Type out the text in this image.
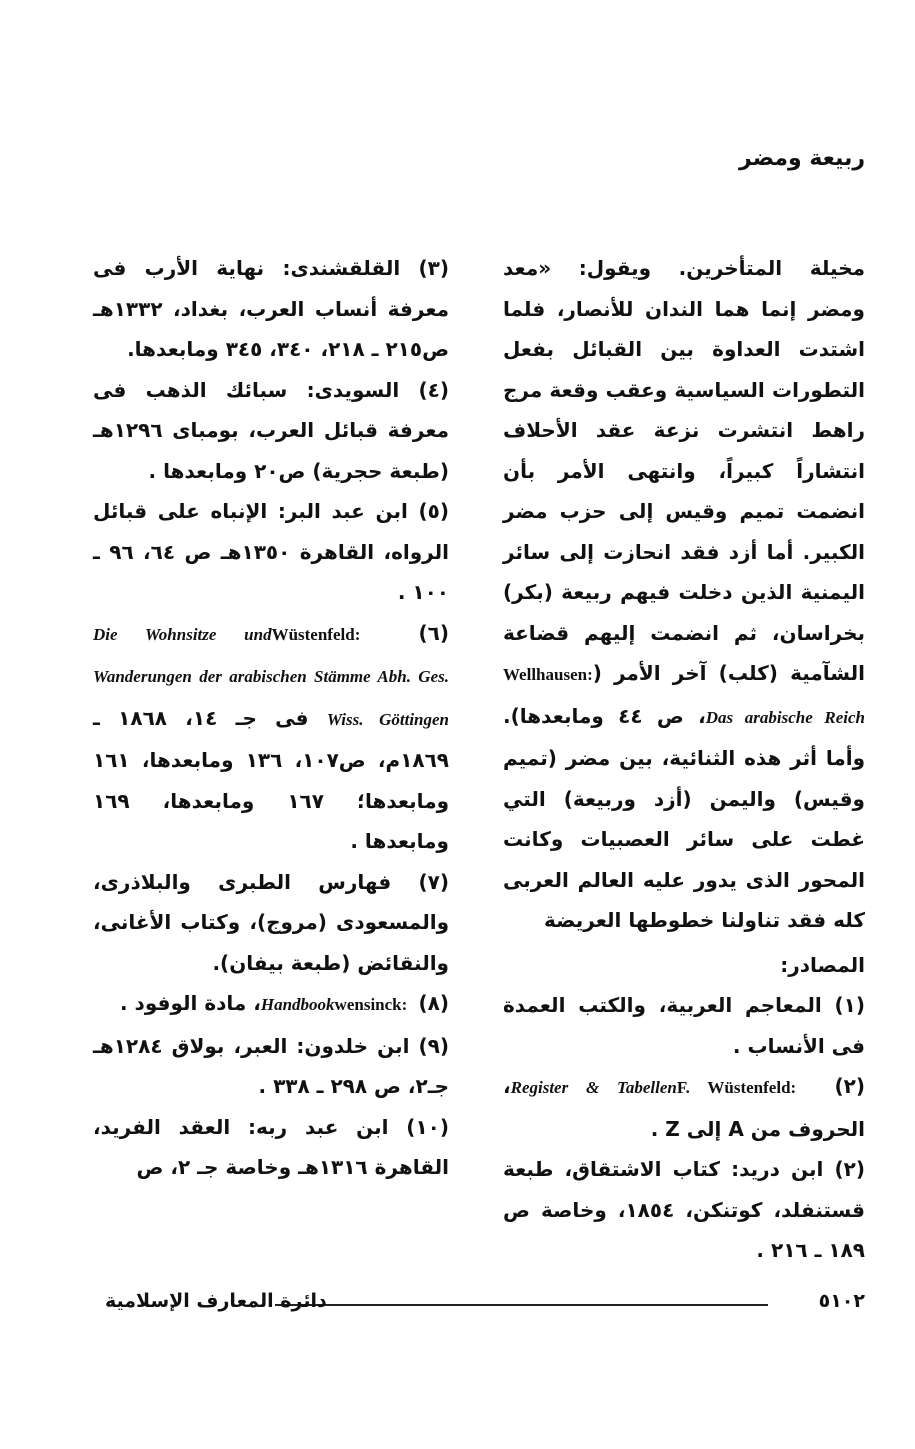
ربيعة ومضر

مخيلة المتأخرين. ويقول: «معد ومضر إنما هما الندان للأنصار، فلما اشتدت العداوة بين القبائل بفعل التطورات السياسية وعقب وقعة مرج راهط انتشرت نزعة عقد الأحلاف انتشاراً كبيراً، وانتهى الأمر بأن انضمت تميم وقيس إلى حزب مضر الكبير. أما أزد فقد انحازت إلى سائر اليمنية الذين دخلت فيهم ربيعة (بكر) بخراسان، ثم انضمت إليهم قضاعة الشآمية (كلب) آخر الأمر (Wellhausen: Das arabische Reich، ص ٤٤ ومابعدها). وأما أثر هذه الثنائية، بين مضر (تميم وقيس) واليمن (أزد وربيعة) التي غطت على سائر العصبيات وكانت المحور الذى يدور عليه العالم العربى كله فقد تناولنا خطوطها العريضة

المصادر:

(١) المعاجم العربية، والكتب العمدة فى الأنساب .

(٢) F. Wüstenfeld: Register & Tabellen، الحروف من A إلى Z .

(٢) ابن دريد: كتاب الاشتقاق، طبعة قستنفلد، كوتنكن، ١٨٥٤، وخاصة ص ١٨٩ ـ ٢١٦ .

(٣) القلقشندى: نهاية الأرب فى معرفة أنساب العرب، بغداد، ١٣٣٢هـ ص٢١٥ ـ ٢١٨، ٣٤٠، ٣٤٥ ومابعدها.

(٤) السويدى: سبائك الذهب فى معرفة قبائل العرب، بومباى ١٢٩٦هـ (طبعة حجرية) ص٢٠ ومابعدها .

(٥) ابن عبد البر: الإنباه على قبائل الرواه، القاهرة ١٣٥٠هـ ص ٦٤، ٩٦ ـ ١٠٠ .

(٦) Wüstenfeld: Die Wohnsitze und Wanderungen der arabischen Stämme Abh. Ges. Wiss. Göttingen فى جـ ١٤، ١٨٦٨ ـ ١٨٦٩م، ص١٠٧، ١٣٦ ومابعدها، ١٦١ ومابعدها؛ ١٦٧ ومابعدها، ١٦٩ ومابعدها .

(٧) فهارس الطبرى والبلاذرى، والمسعودى (مروج)، وكتاب الأغانى، والنقائض (طبعة بيفان).

(٨) wensinck: Handbook، مادة الوفود .

(٩) ابن خلدون: العبر، بولاق ١٢٨٤هـ جـ٢، ص ٢٩٨ ـ ٣٣٨ .

(١٠) ابن عبد ربه: العقد الفريد، القاهرة ١٣١٦هـ وخاصة جـ ٢، ص

٥١٠٢
دائرة المعارف الإسلامية
